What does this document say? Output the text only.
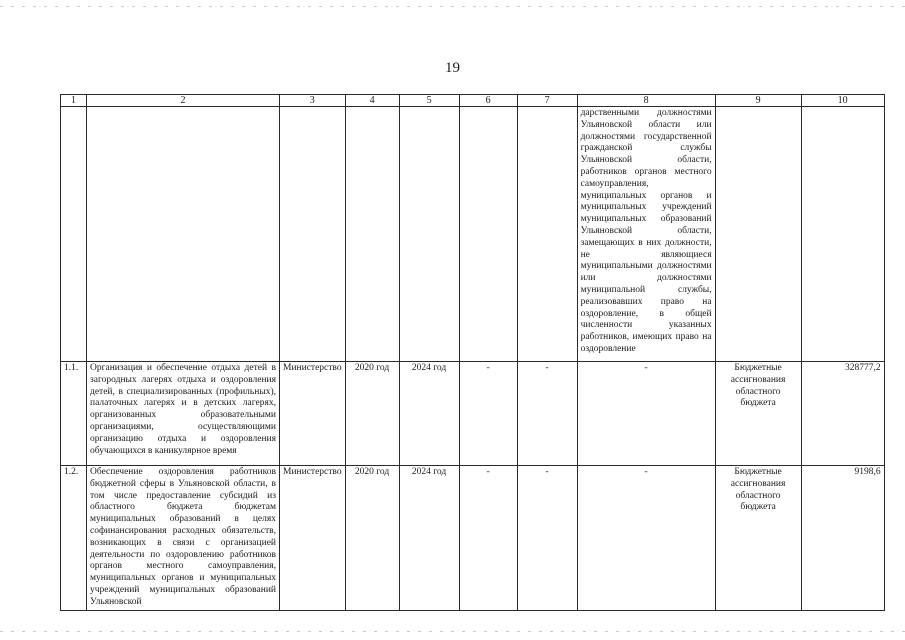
19
1	2	3	4	5	6	7	8	9	10
							дарственными должностями Ульяновской области или должностями государственной гражданской службы Ульяновской области, работников органов местного самоуправления, муниципальных органов и муниципальных учреждений муниципальных образований Ульяновской области, замещающих в них должности, не являющиеся муниципальными должностями или должностями муниципальной службы, реализовавших право на оздоровление, в общей численности указанных работников, имеющих право на оздоровление		
1.1.	Организация и обеспечение отдыха детей в загородных лагерях отдыха и оздоровления детей, в специализированных (профильных), палаточных лагерях и в детских лагерях, организованных образовательными организациями, осуществляющими организацию отдыха и оздоровления обучающихся в каникулярное время	Министерство	2020 год	2024 год	-	-	-	Бюджетные ассигнования областного бюджета	328777,2
1.2.	Обеспечение оздоровления работников бюджетной сферы в Ульяновской области, в том числе предоставление субсидий из областного бюджета бюджетам муниципальных образований в целях софинансирования расходных обязательств, возникающих в связи с организацией деятельности по оздоровлению работников органов местного самоуправления, муниципальных органов и муниципальных учреждений муниципальных образований Ульяновской	Министерство	2020 год	2024 год	-	-	-	Бюджетные ассигнования областного бюджета	9198,6
